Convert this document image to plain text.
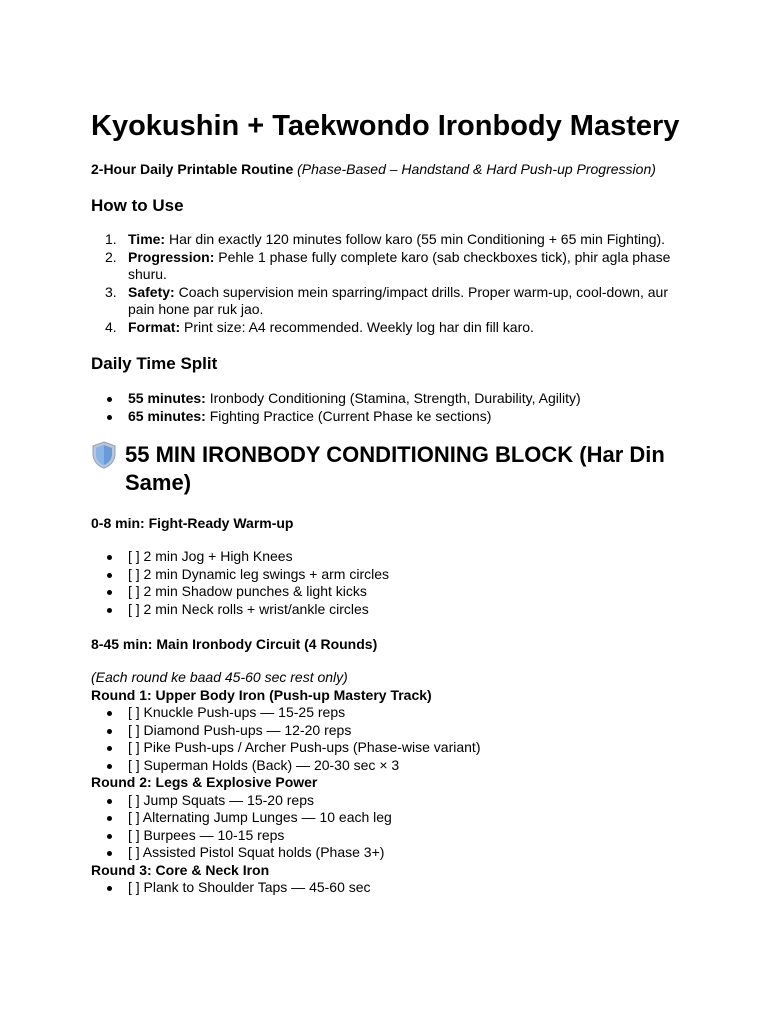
Kyokushin + Taekwondo Ironbody Mastery
2-Hour Daily Printable Routine (Phase-Based – Handstand & Hard Push-up Progression)
How to Use
1. Time: Har din exactly 120 minutes follow karo (55 min Conditioning + 65 min Fighting).
2. Progression: Pehle 1 phase fully complete karo (sab checkboxes tick), phir agla phase shuru.
3. Safety: Coach supervision mein sparring/impact drills. Proper warm-up, cool-down, aur pain hone par ruk jao.
4. Format: Print size: A4 recommended. Weekly log har din fill karo.
Daily Time Split
55 minutes: Ironbody Conditioning (Stamina, Strength, Durability, Agility)
65 minutes: Fighting Practice (Current Phase ke sections)
55 MIN IRONBODY CONDITIONING BLOCK (Har Din Same)
0-8 min: Fight-Ready Warm-up
[ ] 2 min Jog + High Knees
[ ] 2 min Dynamic leg swings + arm circles
[ ] 2 min Shadow punches & light kicks
[ ] 2 min Neck rolls + wrist/ankle circles
8-45 min: Main Ironbody Circuit (4 Rounds)
(Each round ke baad 45-60 sec rest only)
Round 1: Upper Body Iron (Push-up Mastery Track)
[ ] Knuckle Push-ups — 15-25 reps
[ ] Diamond Push-ups — 12-20 reps
[ ] Pike Push-ups / Archer Push-ups (Phase-wise variant)
[ ] Superman Holds (Back) — 20-30 sec × 3
Round 2: Legs & Explosive Power
[ ] Jump Squats — 15-20 reps
[ ] Alternating Jump Lunges — 10 each leg
[ ] Burpees — 10-15 reps
[ ] Assisted Pistol Squat holds (Phase 3+)
Round 3: Core & Neck Iron
[ ] Plank to Shoulder Taps — 45-60 sec
